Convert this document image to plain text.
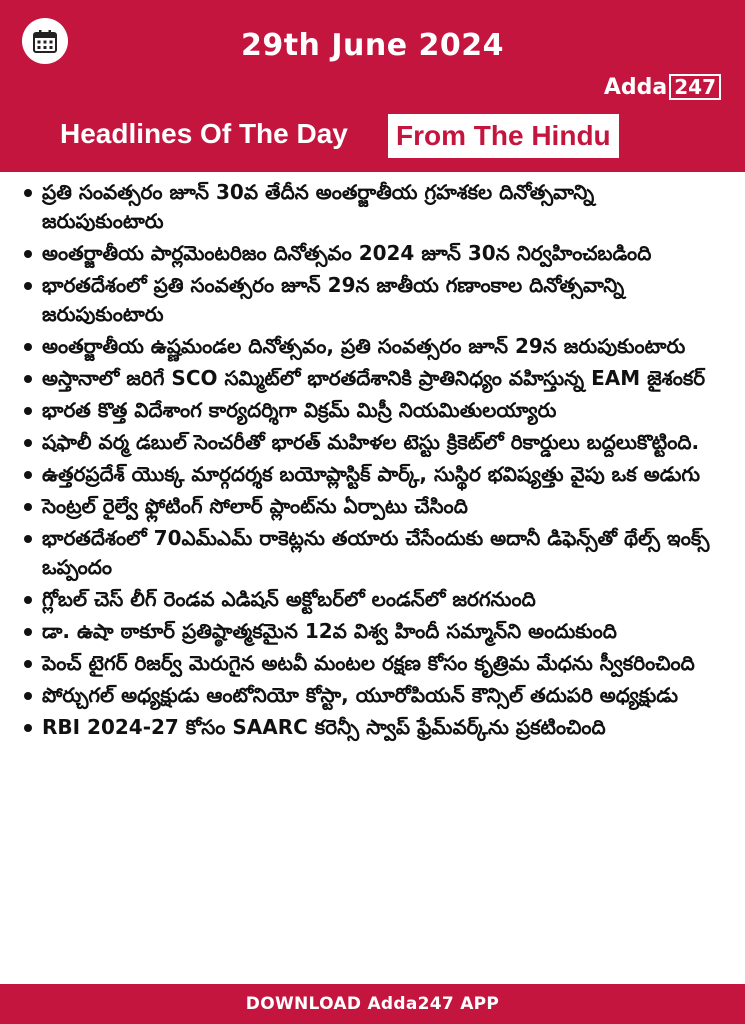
29th June 2024
Adda 247
Headlines Of The Day From The Hindu
ప్రతి సంవత్సరం జూన్ 30వ తేదీన అంతర్జాతీయ గ్రహశకల దినోత్సవాన్ని జరుపుకుంటారు
అంతర్జాతీయ పార్లమెంటరిజం దినోత్సవం 2024 జూన్ 30న నిర్వహించబడింది
భారతదేశంలో ప్రతి సంవత్సరం జూన్ 29న జాతీయ గణాంకాల దినోత్సవాన్ని జరుపుకుంటారు
అంతర్జాతీయ ఉష్ణమండల దినోత్సవం, ప్రతి సంవత్సరం జూన్ 29న జరుపుకుంటారు
అస్తానాలో జరిగే SCO సమ్మిట్‌లో భారతదేశానికి ప్రాతినిధ్యం వహిస్తున్న EAM జైశంకర్
భారత కొత్త విదేశాంగ కార్యదర్శిగా విక్రమ్ మిస్రీ నియమితులయ్యారు
షఫాలీ వర్మ డబుల్ సెంచరీతో భారత్ మహిళల టెస్టు క్రికెట్‌లో రికార్డులు బద్దలుకొట్టింది.
ఉత్తరప్రదేశ్ యొక్క మార్గదర్శక బయోప్లాస్టిక్ పార్క్, సుస్థిర భవిష్యత్తు వైపు ఒక అడుగు
సెంట్రల్ రైల్వే ఫ్లోటింగ్ సోలార్ ప్లాంట్‌ను ఏర్పాటు చేసింది
భారతదేశంలో 70ఎమ్ఎమ్ రాకెట్లను తయారు చేసేందుకు అదానీ డిఫెన్స్‌తో థేల్స్ ఇంక్స్ ఒప్పందం
గ్లోబల్ చెస్ లీగ్ రెండవ ఎడిషన్ అక్టోబర్‌లో లండన్‌లో జరగనుంది
డా. ఉషా ఠాకూర్ ప్రతిష్ఠాత్మకమైన 12వ విశ్వ హిందీ సమ్మాన్‌ని అందుకుంది
పెంచ్ టైగర్ రిజర్వ్ మెరుగైన అటవీ మంటల రక్షణ కోసం కృత్రిమ మేధను స్వీకరించింది
పోర్చుగల్ అధ్యక్షుడు ఆంటోనియో కోస్టా, యూరోపియన్ కౌన్సిల్ తదుపరి అధ్యక్షుడు
RBI 2024-27 కోసం SAARC కరెన్సీ స్వాప్ ఫ్రేమ్‌వర్క్‌ను ప్రకటించింది
DOWNLOAD Adda247 APP
